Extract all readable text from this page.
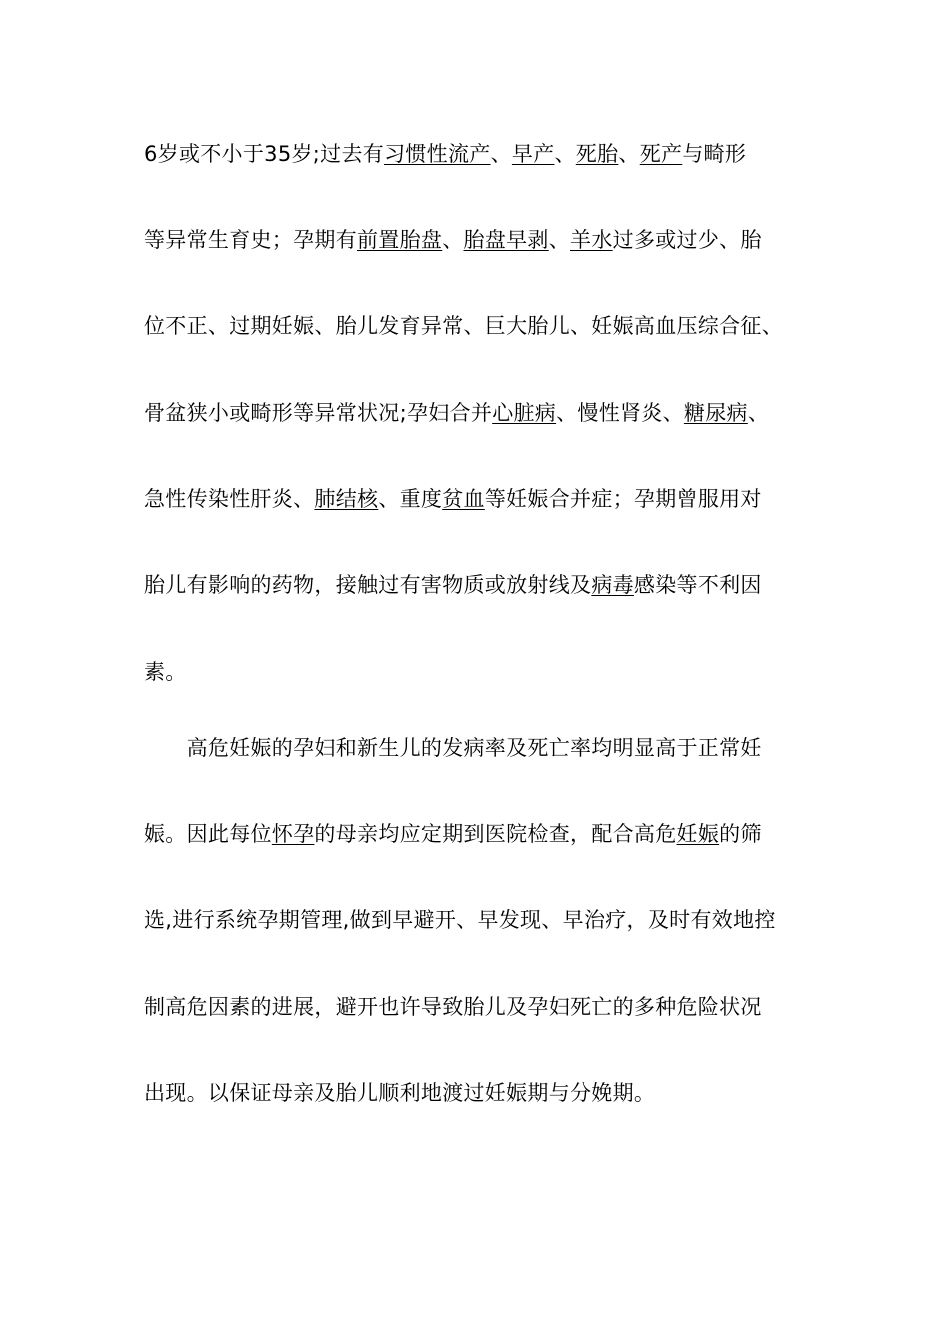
6岁或不小于35岁;过去有习惯性流产、早产、死胎、死产与畸形
等异常生育史；孕期有前置胎盘、胎盘早剥、羊水过多或过少、胎
位不正、过期妊娠、胎儿发育异常、巨大胎儿、妊娠高血压综合征、
骨盆狭小或畸形等异常状况;孕妇合并心脏病、慢性肾炎、糖尿病、
急性传染性肝炎、肺结核、重度贫血等妊娠合并症；孕期曾服用对
胎儿有影响的药物，接触过有害物质或放射线及病毒感染等不利因
素。
　　高危妊娠的孕妇和新生儿的发病率及死亡率均明显高于正常妊
娠。因此每位怀孕的母亲均应定期到医院检查，配合高危妊娠的筛
选,进行系统孕期管理,做到早避开、早发现、早治疗，及时有效地控
制高危因素的进展，避开也许导致胎儿及孕妇死亡的多种危险状况
出现。以保证母亲及胎儿顺利地渡过妊娠期与分娩期。
